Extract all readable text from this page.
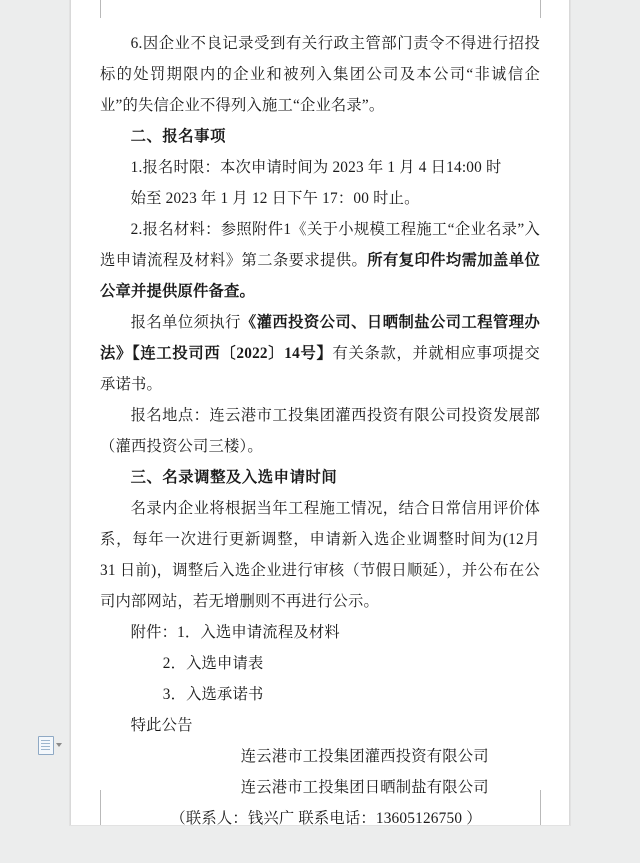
6.因企业不良记录受到有关行政主管部门责令不得进行招投标的处罚期限内的企业和被列入集团公司及本公司“非诚信企业”的失信企业不得列入施工“企业名录”。

二、报名事项

1.报名时限：本次申请时间为 2023 年 1 月 4 日14:00 时

始至 2023 年 1 月 12 日下午 17：00 时止。

2.报名材料：参照附件1《关于小规模工程施工“企业名录”入选申请流程及材料》第二条要求提供。所有复印件均需加盖单位公章并提供原件备查。

报名单位须执行《灌西投资公司、日晒制盐公司工程管理办法》【连工投司西〔2022〕14号】有关条款，并就相应事项提交承诺书。

报名地点：连云港市工投集团灌西投资有限公司投资发展部（灌西投资公司三楼）。

三、名录调整及入选申请时间

名录内企业将根据当年工程施工情况，结合日常信用评价体系，每年一次进行更新调整，申请新入选企业调整时间为(12月 31 日前)，调整后入选企业进行审核（节假日顺延），并公布在公司内部网站，若无增删则不再进行公示。

附件：1．入选申请流程及材料

2．入选申请表

3．入选承诺书

特此公告

连云港市工投集团灌西投资有限公司

连云港市工投集团日晒制盐有限公司

（联系人：钱兴广 联系电话：13605126750 ）
